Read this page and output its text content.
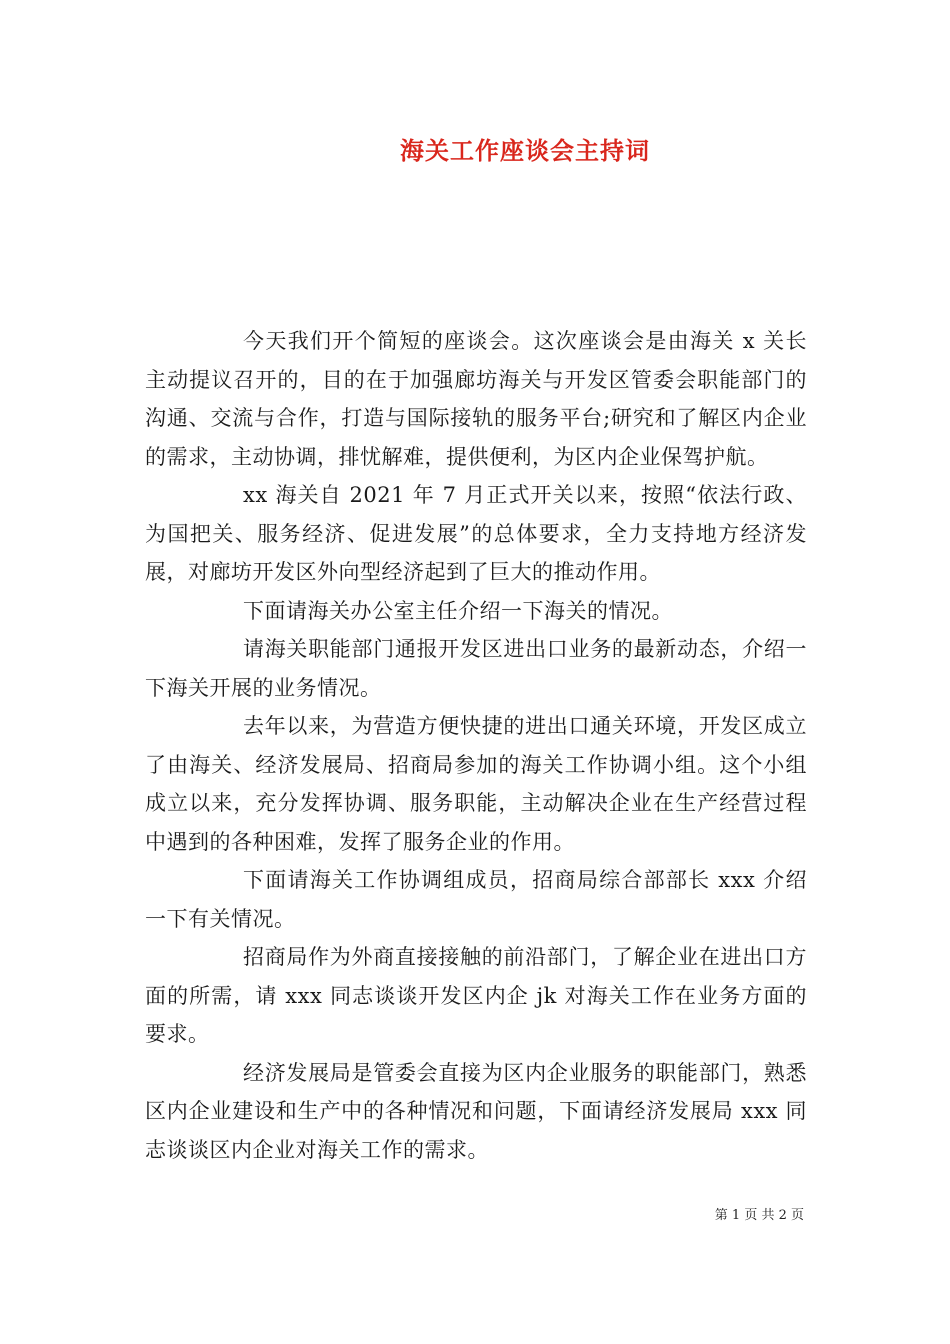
海关工作座谈会主持词

今天我们开个简短的座谈会。这次座谈会是由海关 x 关长主动提议召开的，目的在于加强廊坊海关与开发区管委会职能部门的沟通、交流与合作，打造与国际接轨的服务平台;研究和了解区内企业的需求，主动协调，排忧解难，提供便利，为区内企业保驾护航。

xx 海关自 2021 年 7 月正式开关以来，按照“依法行政、为国把关、服务经济、促进发展”的总体要求，全力支持地方经济发展，对廊坊开发区外向型经济起到了巨大的推动作用。

下面请海关办公室主任介绍一下海关的情况。

请海关职能部门通报开发区进出口业务的最新动态，介绍一下海关开展的业务情况。

去年以来，为营造方便快捷的进出口通关环境，开发区成立了由海关、经济发展局、招商局参加的海关工作协调小组。这个小组成立以来，充分发挥协调、服务职能，主动解决企业在生产经营过程中遇到的各种困难，发挥了服务企业的作用。

下面请海关工作协调组成员，招商局综合部部长 xxx 介绍一下有关情况。

招商局作为外商直接接触的前沿部门，了解企业在进出口方面的所需，请 xxx 同志谈谈开发区内企 jk 对海关工作在业务方面的要求。

经济发展局是管委会直接为区内企业服务的职能部门，熟悉区内企业建设和生产中的各种情况和问题，下面请经济发展局 xxx 同志谈谈区内企业对海关工作的需求。

第 1 页 共 2 页
